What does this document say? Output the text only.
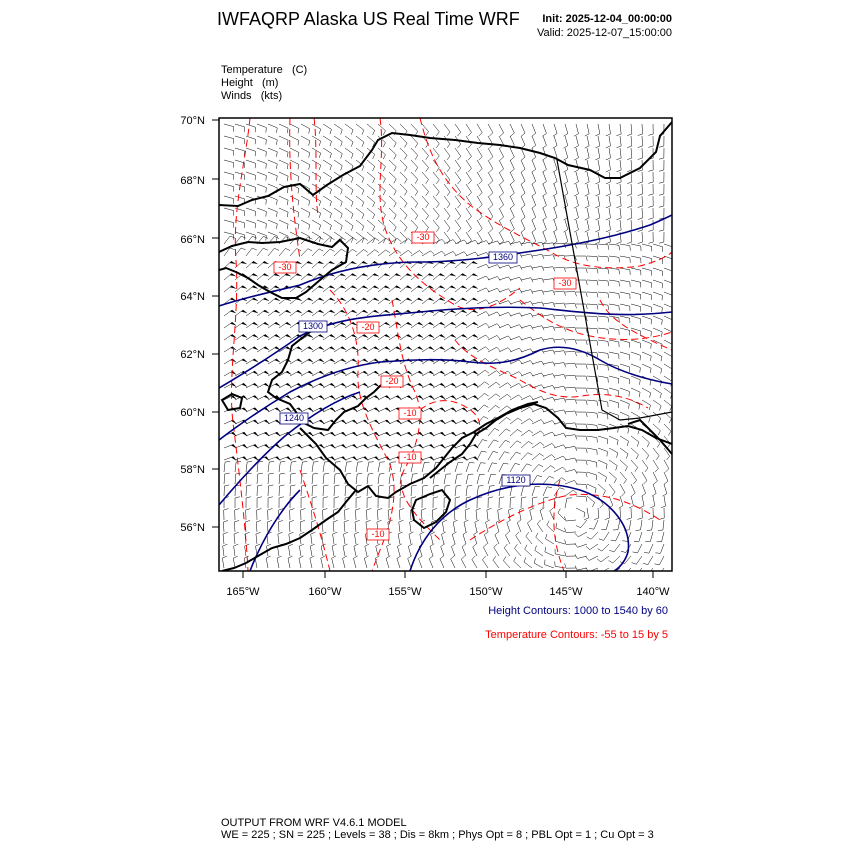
IWFAQRP Alaska US Real Time WRF Init: 2025-12-04_00:00:00
Valid: 2025-12-07_15:00:00
Temperature (C)
Height (m)
Winds (kts)
70°N
68°N
66°N
64°N
62°N
60°N
58°N
56°N
165°W	160°W	155°W	150°W	145°W	140°W
1360
1300
1240
1120
-30
-30
-30
-20
-20
-10
-10
-10
Height Contours: 1000 to 1540 by 60
Temperature Contours: -55 to 15 by 5
OUTPUT FROM WRF V4.6.1 MODEL
WE = 225 ; SN = 225 ; Levels = 38 ; Dis = 8km ; Phys Opt = 8 ; PBL Opt = 1 ; Cu Opt = 3
